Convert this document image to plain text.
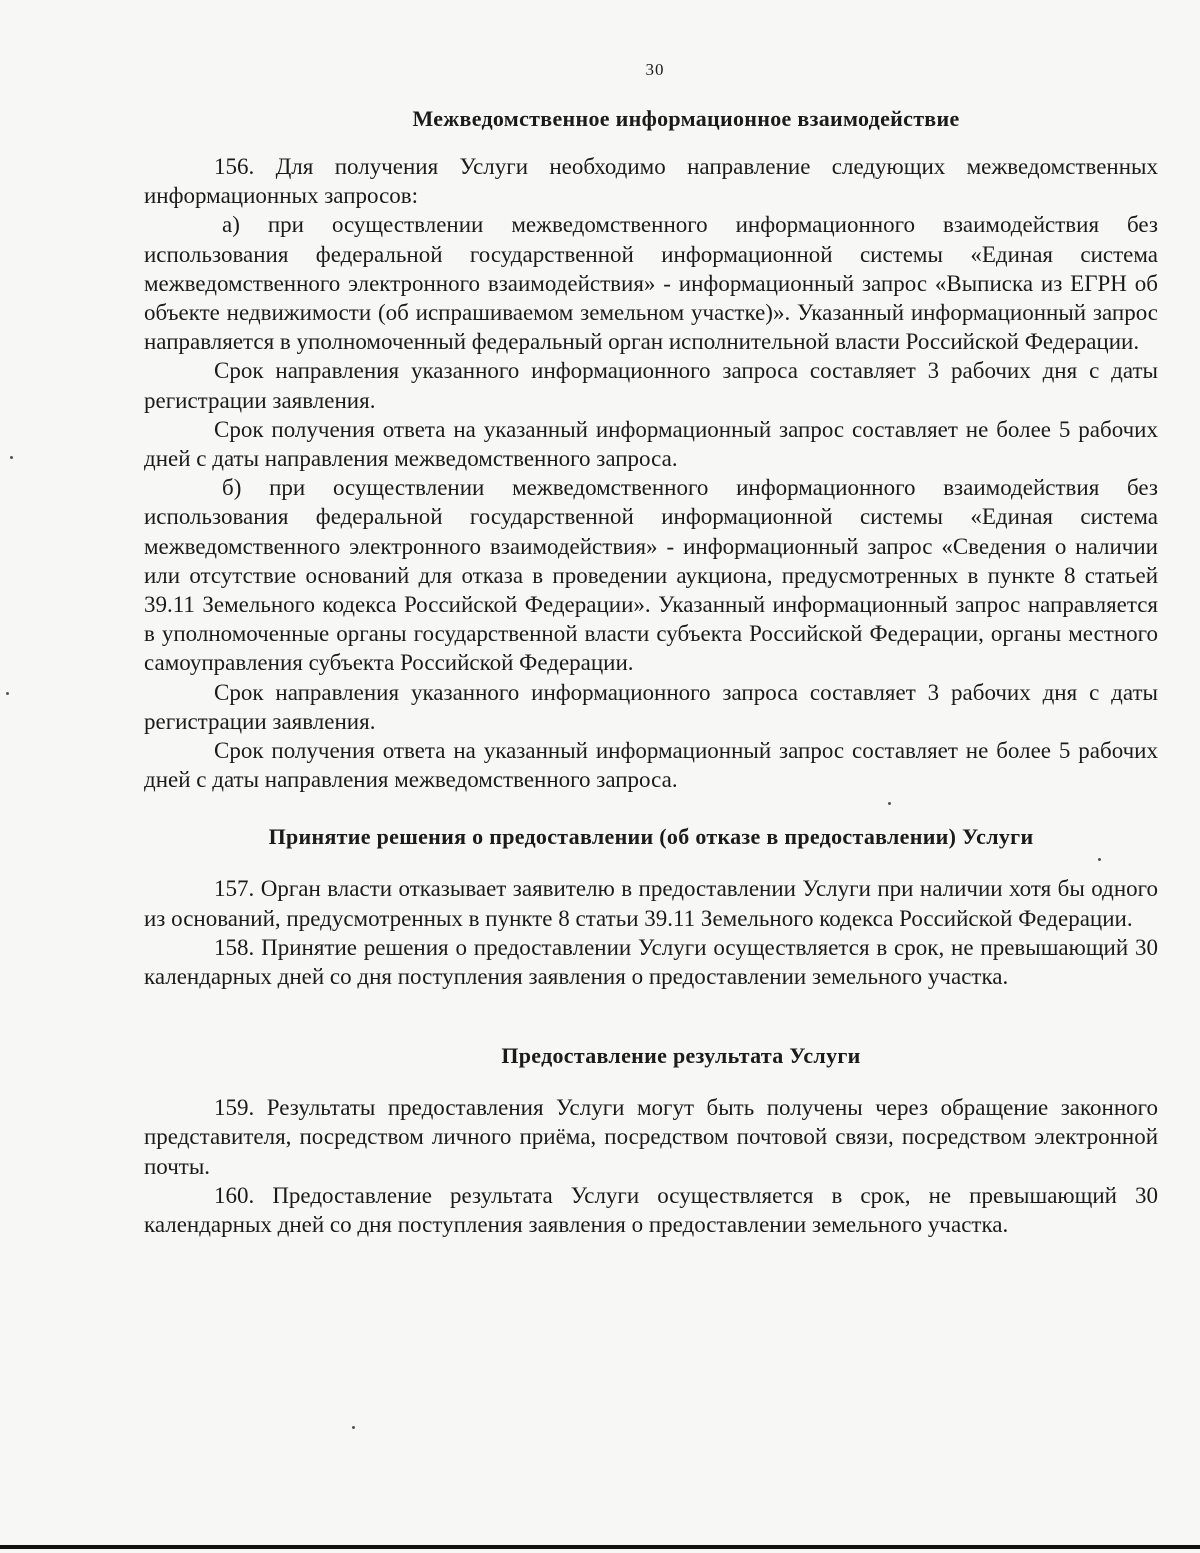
30
Межведомственное информационное взаимодействие

156. Для получения Услуги необходимо направление следующих межведомственных информационных запросов:

а) при осуществлении межведомственного информационного взаимодействия без использования федеральной государственной информационной системы «Единая система межведомственного электронного взаимодействия» - информационный запрос «Выписка из ЕГРН об объекте недвижимости (об испрашиваемом земельном участке)». Указанный информационный запрос направляется в уполномоченный федеральный орган исполнительной власти Российской Федерации.

Срок направления указанного информационного запроса составляет 3 рабочих дня с даты регистрации заявления.

Срок получения ответа на указанный информационный запрос составляет не более 5 рабочих дней с даты направления межведомственного запроса.

б) при осуществлении межведомственного информационного взаимодействия без использования федеральной государственной информационной системы «Единая система межведомственного электронного взаимодействия» - информационный запрос «Сведения о наличии или отсутствие оснований для отказа в проведении аукциона, предусмотренных в пункте 8 статьей 39.11 Земельного кодекса Российской Федерации». Указанный информационный запрос направляется в уполномоченные органы государственной власти субъекта Российской Федерации, органы местного самоуправления субъекта Российской Федерации.

Срок направления указанного информационного запроса составляет 3 рабочих дня с даты регистрации заявления.

Срок получения ответа на указанный информационный запрос составляет не более 5 рабочих дней с даты направления межведомственного запроса.

Принятие решения о предоставлении (об отказе в предоставлении) Услуги

157. Орган власти отказывает заявителю в предоставлении Услуги при наличии хотя бы одного из оснований, предусмотренных в пункте 8 статьи 39.11 Земельного кодекса Российской Федерации.

158. Принятие решения о предоставлении Услуги осуществляется в срок, не превышающий 30 календарных дней со дня поступления заявления о предоставлении земельного участка.

Предоставление результата Услуги

159. Результаты предоставления Услуги могут быть получены через обращение законного представителя, посредством личного приёма, посредством почтовой связи, посредством электронной почты.

160. Предоставление результата Услуги осуществляется в срок, не превышающий 30 календарных дней со дня поступления заявления о предоставлении земельного участка.
